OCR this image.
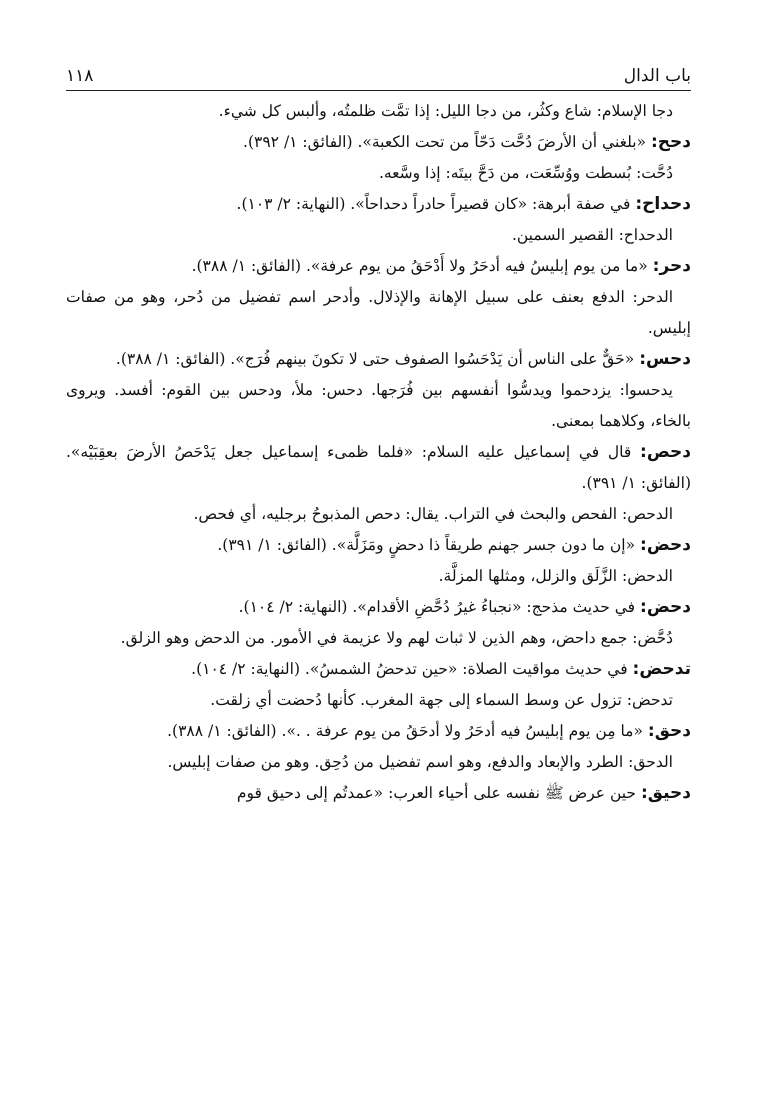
باب الدال
١١٨

دجا الإسلام: شاع وكثُر، من دجا الليل: إذا تمَّت ظلمتُه، وألبس كل شيء.

دحح: «بلغني أن الأرضَ دُحَّت دَحّاً من تحت الكعبة». (الفائق: ١/ ٣٩٢).

دُحَّت: بُسطت ووُسِّعَت، من دَحَّ بيتَه: إذا وسَّعه.

دحداح: في صفة أبرهة: «كان قصيراً حادراً دحداحاً». (النهاية: ٢/ ١٠٣).

الدحداح: القصير السمين.

دحر: «ما من يوم إبليسُ فيه أدحَرُ ولا أَدْحَقُ من يوم عرفة». (الفائق: ١/ ٣٨٨).

الدحر: الدفع بعنف على سبيل الإهانة والإذلال. وأدحر اسم تفضيل من دُحر، وهو من صفات إبليس.

دحس: «حَقٌّ على الناس أن يَدْحَسُوا الصفوف حتى لا تكونَ بينهم فُرَج». (الفائق: ١/ ٣٨٨).

يدحسوا: يزدحموا ويدسُّوا أنفسهم بين فُرَجها. دحس: ملأ، ودحس بين القوم: أفسد. ويروى بالخاء، وكلاهما بمعنى.

دحص: قال في إسماعيل عليه السلام: «فلما ظمىء إسماعيل جعل يَدْحَصُ الأرضَ بعقِبَيْه». (الفائق: ١/ ٣٩١).

الدحص: الفحص والبحث في التراب. يقال: دحص المذبوحُ برجليه، أي فحص.

دحض: «إن ما دون جسر جهنم طريقاً ذا دحضٍ ومَزَلَّة». (الفائق: ١/ ٣٩١).

الدحض: الزَّلَق والزلل، ومثلها المزلَّة.

دحض: في حديث مذحج: «نجباءُ غيرُ دُحَّضِ الأقدام». (النهاية: ٢/ ١٠٤).

دُحَّض: جمع داحض، وهم الذين لا ثبات لهم ولا عزيمة في الأمور. من الدحض وهو الزلق.

تدحض: في حديث مواقيت الصلاة: «حين تدحضُ الشمسُ». (النهاية: ٢/ ١٠٤).

تدحض: تزول عن وسط السماء إلى جهة المغرب. كأنها دُحضت أي زلقت.

دحق: «ما مِن يوم إبليسُ فيه أدحَرُ ولا أدحَقُ من يوم عرفة . .». (الفائق: ١/ ٣٨٨).

الدحق: الطرد والإبعاد والدفع، وهو اسم تفضيل من دُحِق. وهو من صفات إبليس.

دحيق: حين عرض ﷺ نفسه على أحياء العرب: «عمدتُم إلى دحيق قوم
